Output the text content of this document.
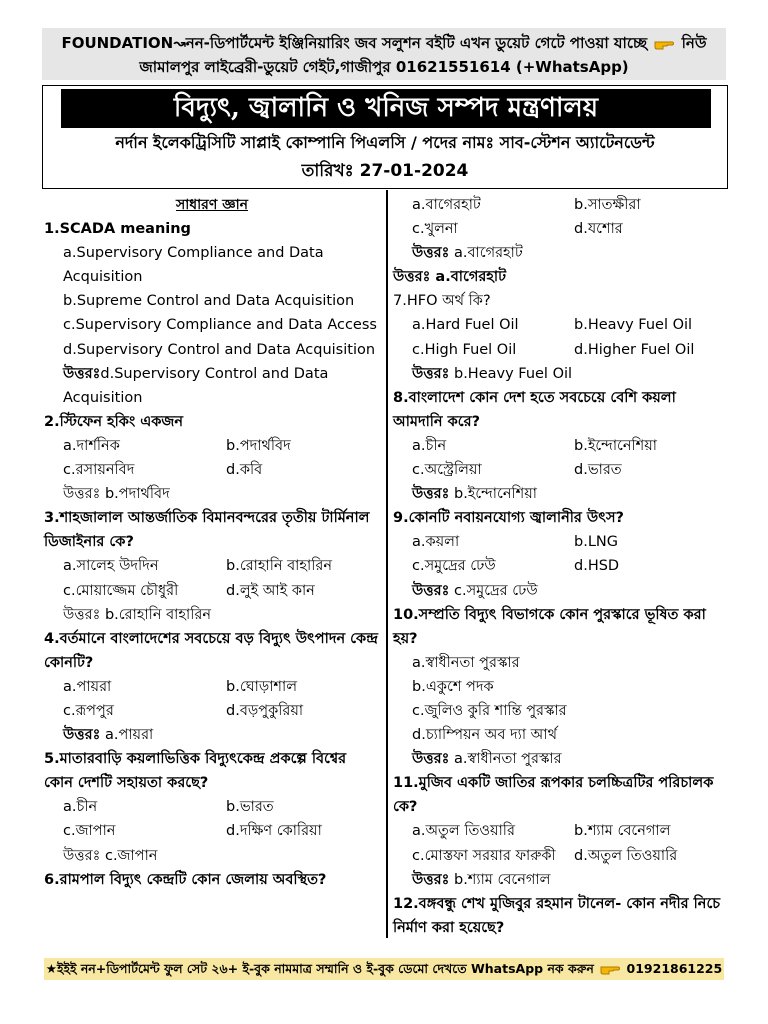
FOUNDATION↝নন-ডিপার্টমেন্ট ইঞ্জিনিয়ারিং জব সলুশন বইটি এখন ডুয়েট গেটে পাওয়া যাচ্ছে নিউ
জামালপুর লাইব্রেরী-ডুয়েট গেইট,গাজীপুর 01621551614 (+WhatsApp)
বিদ্যুৎ, জ্বালানি ও খনিজ সম্পদ মন্ত্রণালয়
নর্দান ইলেকট্রিসিটি সাপ্লাই কোম্পানি পিএলসি / পদের নামঃ সাব-স্টেশন অ্যাটেনডেন্ট
তারিখঃ 27-01-2024
সাধারণ জ্ঞান
1.SCADA meaning
a.Supervisory Compliance and Data Acquisition
b.Supreme Control and Data Acquisition
c.Supervisory Compliance and Data Access
d.Supervisory Control and Data Acquisition
উত্তরঃd.Supervisory Control and Data Acquisition
2.স্টিফেন হকিং একজন
a.দার্শনিক	b.পদার্থবিদ
c.রসায়নবিদ	d.কবি
উত্তরঃ b.পদার্থবিদ
3.শাহজালাল আন্তর্জাতিক বিমানবন্দরের তৃতীয় টার্মিনাল ডিজাইনার কে?
a.সালেহ উদদিন	b.রোহানি বাহারিন
c.মোয়াজ্জেম চৌধুরী	d.লুই আই কান
উত্তরঃ b.রোহানি বাহারিন
4.বর্তমানে বাংলাদেশের সবচেয়ে বড় বিদ্যুৎ উৎপাদন কেন্দ্র কোনটি?
a.পায়রা	b.ঘোড়াশাল
c.রূপপুর	d.বড়পুকুরিয়া
উত্তরঃ a.পায়রা
5.মাতারবাড়ি কয়লাভিত্তিক বিদ্যুৎকেন্দ্র প্রকল্পে বিশ্বের কোন দেশটি সহায়তা করছে?
a.চীন	b.ভারত
c.জাপান	d.দক্ষিণ কোরিয়া
উত্তরঃ c.জাপান
6.রামপাল বিদ্যুৎ কেন্দ্রটি কোন জেলায় অবস্থিত?
a.বাগেরহাট	b.সাতক্ষীরা
c.খুলনা	d.যশোর
উত্তরঃ a.বাগেরহাট
উত্তরঃ a.বাগেরহাট
7.HFO অর্থ কি?
a.Hard Fuel Oil	b.Heavy Fuel Oil
c.High Fuel Oil	d.Higher Fuel Oil
উত্তরঃ b.Heavy Fuel Oil
8.বাংলাদেশ কোন দেশ হতে সবচেয়ে বেশি কয়লা আমদানি করে?
a.চীন	b.ইন্দোনেশিয়া
c.অস্ট্রেলিয়া	d.ভারত
উত্তরঃ b.ইন্দোনেশিয়া
9.কোনটি নবায়নযোগ্য জ্বালানীর উৎস?
a.কয়লা	b.LNG
c.সমুদ্রের ঢেউ	d.HSD
উত্তরঃ c.সমুদ্রের ঢেউ
10.সম্প্রতি বিদ্যুৎ বিভাগকে কোন পুরস্কারে ভূষিত করা হয়?
a.স্বাধীনতা পুরস্কার
b.একুশে পদক
c.জুলিও কুরি শান্তি পুরস্কার
d.চ্যাম্পিয়ন অব দ্যা আর্থ
উত্তরঃ a.স্বাধীনতা পুরস্কার
11.মুজিব একটি জাতির রূপকার চলচ্চিত্রটির পরিচালক কে?
a.অতুল তিওয়ারি	b.শ্যাম বেনেগাল
c.মোস্তফা সরয়ার ফারুকী	d.অতুল তিওয়ারি
উত্তরঃ b.শ্যাম বেনেগাল
12.বঙ্গবন্ধু শেখ মুজিবুর রহমান টানেল- কোন নদীর নিচে নির্মাণ করা হয়েছে?
★ইইই নন+ডিপার্টমেন্ট ফুল সেট ২৬+ ই-বুক নামমাত্র সম্মানি ও ই-বুক ডেমো দেখতে WhatsApp নক করুন	01921861225
